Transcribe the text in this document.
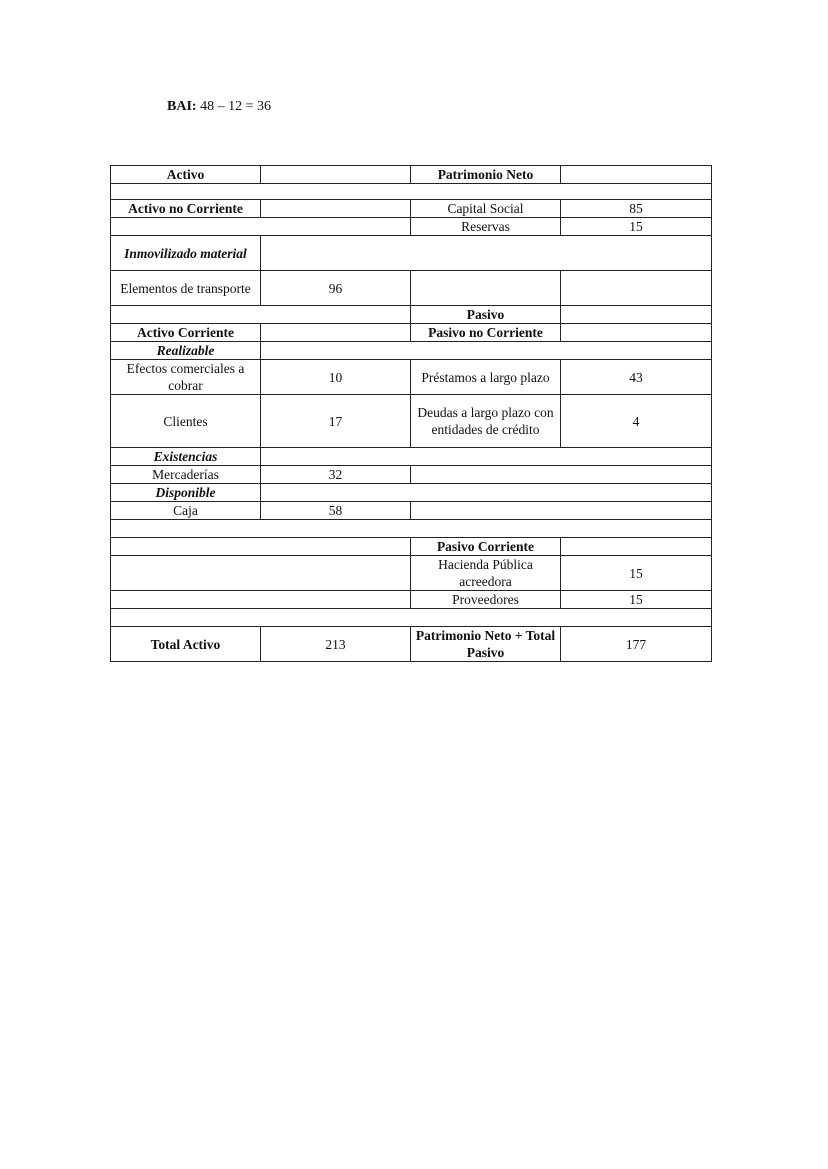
BAI: 48 – 12 = 36
Activo		Patrimonio Neto	

Activo no Corriente		Capital Social	85
		Reservas	15
Inmovilizado material			
Elementos de transporte	96		
		Pasivo	
Activo Corriente		Pasivo no Corriente	
Realizable			
Efectos comerciales a cobrar	10	Préstamos a largo plazo	43
Clientes	17	Deudas a largo plazo con entidades de crédito	4
Existencias			
Mercaderías	32		
Disponible			
Caja	58		

		Pasivo Corriente	
		Hacienda Pública acreedora	15
		Proveedores	15

Total Activo	213	Patrimonio Neto + Total Pasivo	177
